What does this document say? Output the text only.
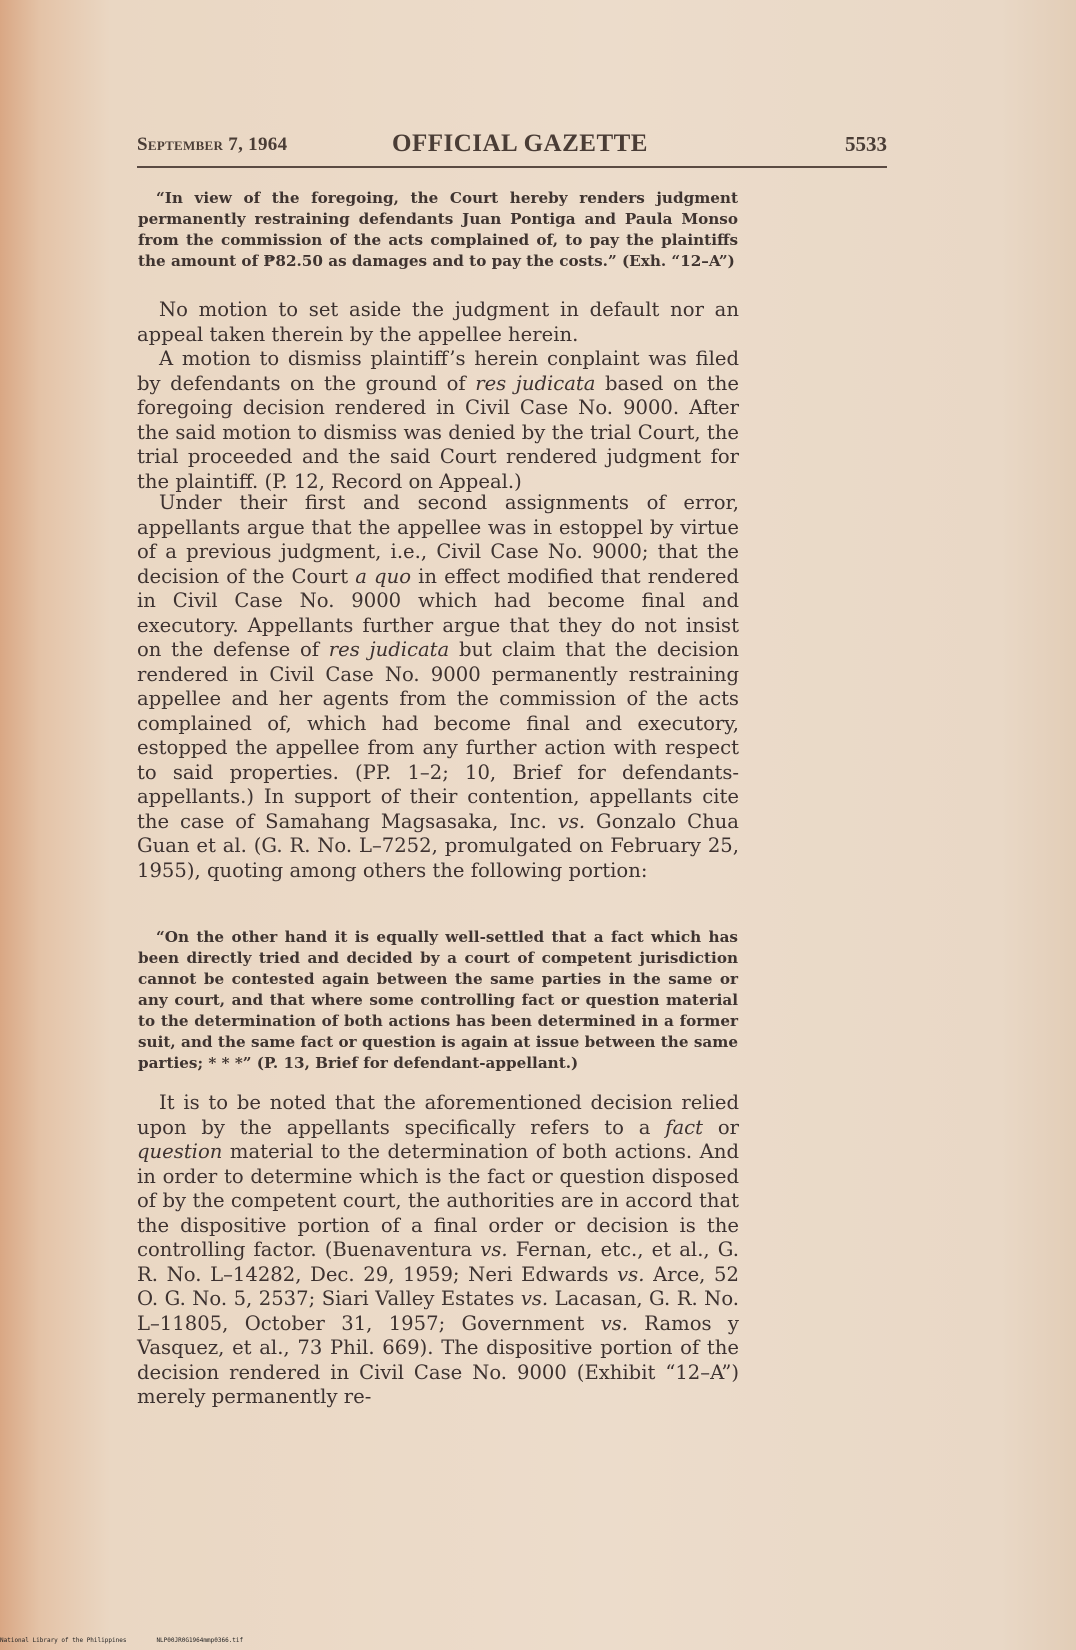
September 7, 1964	OFFICIAL GAZETTE	5533
“In view of the foregoing, the Court hereby renders judgment permanently restraining defendants Juan Pontiga and Paula Monso from the commission of the acts complained of, to pay the plaintiffs the amount of ₱82.50 as damages and to pay the costs.” (Exh. “12–A”)

No motion to set aside the judgment in default nor an appeal taken therein by the appellee herein.

A motion to dismiss plaintiff’s herein conplaint was filed by defendants on the ground of res judicata based on the foregoing decision rendered in Civil Case No. 9000. After the said motion to dismiss was denied by the trial Court, the trial proceeded and the said Court rendered judgment for the plaintiff. (P. 12, Record on Appeal.)

Under their first and second assignments of error, appellants argue that the appellee was in estoppel by virtue of a previous judgment, i.e., Civil Case No. 9000; that the decision of the Court a quo in effect modified that rendered in Civil Case No. 9000 which had become final and executory. Appellants further argue that they do not insist on the defense of res judicata but claim that the decision rendered in Civil Case No. 9000 permanently restraining appellee and her agents from the commission of the acts complained of, which had become final and executory, estopped the appellee from any further action with respect to said properties. (PP. 1–2; 10, Brief for defendants-appellants.) In support of their contention, appellants cite the case of Samahang Magsasaka, Inc. vs. Gonzalo Chua Guan et al. (G. R. No. L–7252, promulgated on February 25, 1955), quoting among others the following portion:

“On the other hand it is equally well-settled that a fact which has been directly tried and decided by a court of competent jurisdiction cannot be contested again between the same parties in the same or any court, and that where some controlling fact or question material to the determination of both actions has been determined in a former suit, and the same fact or question is again at issue between the same parties; * * *” (P. 13, Brief for defendant-appellant.)

It is to be noted that the aforementioned decision relied upon by the appellants specifically refers to a fact or question material to the determination of both actions. And in order to determine which is the fact or question disposed of by the competent court, the authorities are in accord that the dispositive portion of a final order or decision is the controlling factor. (Buenaventura vs. Fernan, etc., et al., G. R. No. L–14282, Dec. 29, 1959; Neri Edwards vs. Arce, 52 O. G. No. 5, 2537; Siari Valley Estates vs. Lacasan, G. R. No. L–11805, October 31, 1957; Government vs. Ramos y Vasquez, et al., 73 Phil. 669). The dispositive portion of the decision rendered in Civil Case No. 9000 (Exhibit “12–A”) merely permanently re-

National Library of the Philippines	NLP00JR0G1964mmp0366.tif
